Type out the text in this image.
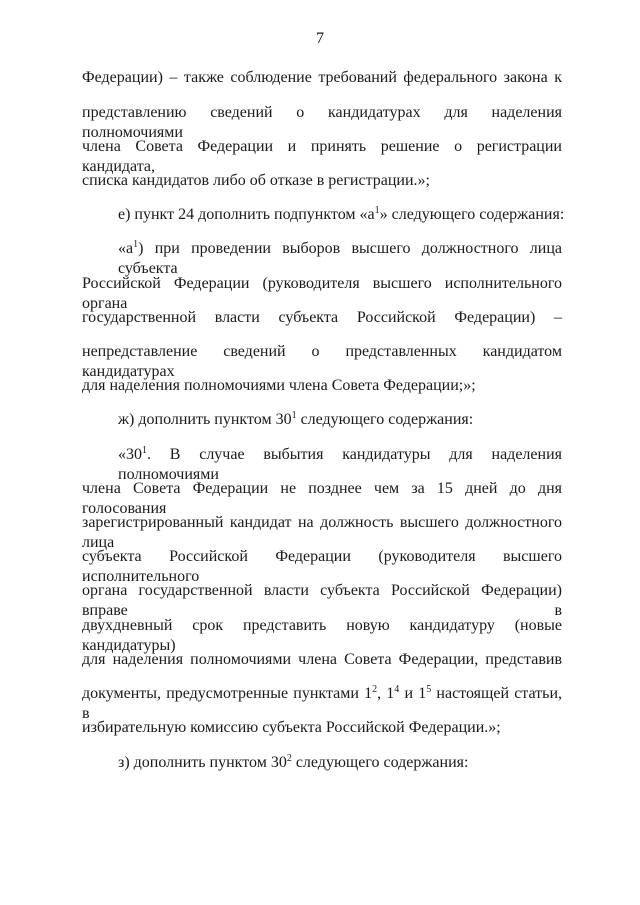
7
Федерации) – также соблюдение требований федерального закона к
представлению сведений о кандидатурах для наделения полномочиями
члена Совета Федерации и принять решение о регистрации кандидата,
списка кандидатов либо об отказе в регистрации.»;
е) пункт 24 дополнить подпунктом «$а^1$» следующего содержания:
«$а^1$) при проведении выборов высшего должностного лица субъекта
Российской Федерации (руководителя высшего исполнительного органа
государственной власти субъекта Российской Федерации) –
непредставление сведений о представленных кандидатом кандидатурах
для наделения полномочиями члена Совета Федерации;»;
ж) дополнить пунктом $30^1$ следующего содержания:
«$30^1$. В случае выбытия кандидатуры для наделения полномочиями
члена Совета Федерации не позднее чем за 15 дней до дня голосования
зарегистрированный кандидат на должность высшего должностного лица
субъекта Российской Федерации (руководителя высшего исполнительного
органа государственной власти субъекта Российской Федерации) вправе в
двухдневный срок представить новую кандидатуру (новые кандидатуры)
для наделения полномочиями члена Совета Федерации, представив
документы, предусмотренные пунктами $1^2$, $1^4$ и $1^5$ настоящей статьи, в
избирательную комиссию субъекта Российской Федерации.»;
з) дополнить пунктом $30^2$ следующего содержания:
